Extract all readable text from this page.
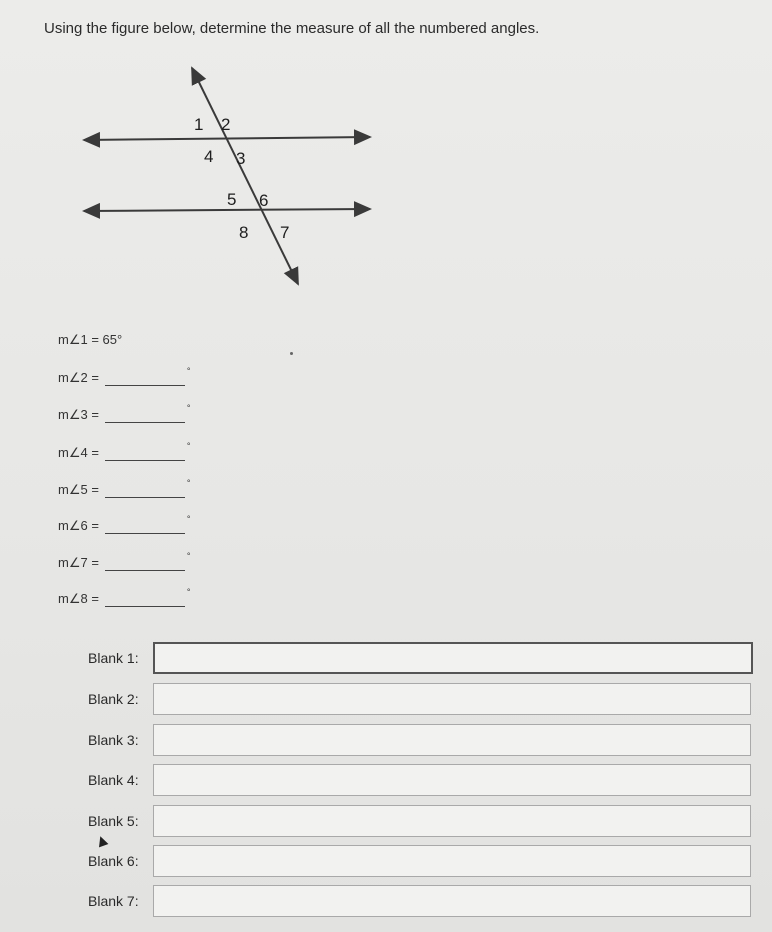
Using the figure below, determine the measure of all the numbered angles.
1 2
4 3
5 6
8 7
m∠1 = 65°
m∠2 =	°
m∠3 =	°
m∠4 =	°
m∠5 =	°
m∠6 =	°
m∠7 =	°
m∠8 =	°
Blank 1:
Blank 2:
Blank 3:
Blank 4:
Blank 5:
Blank 6:
Blank 7:
